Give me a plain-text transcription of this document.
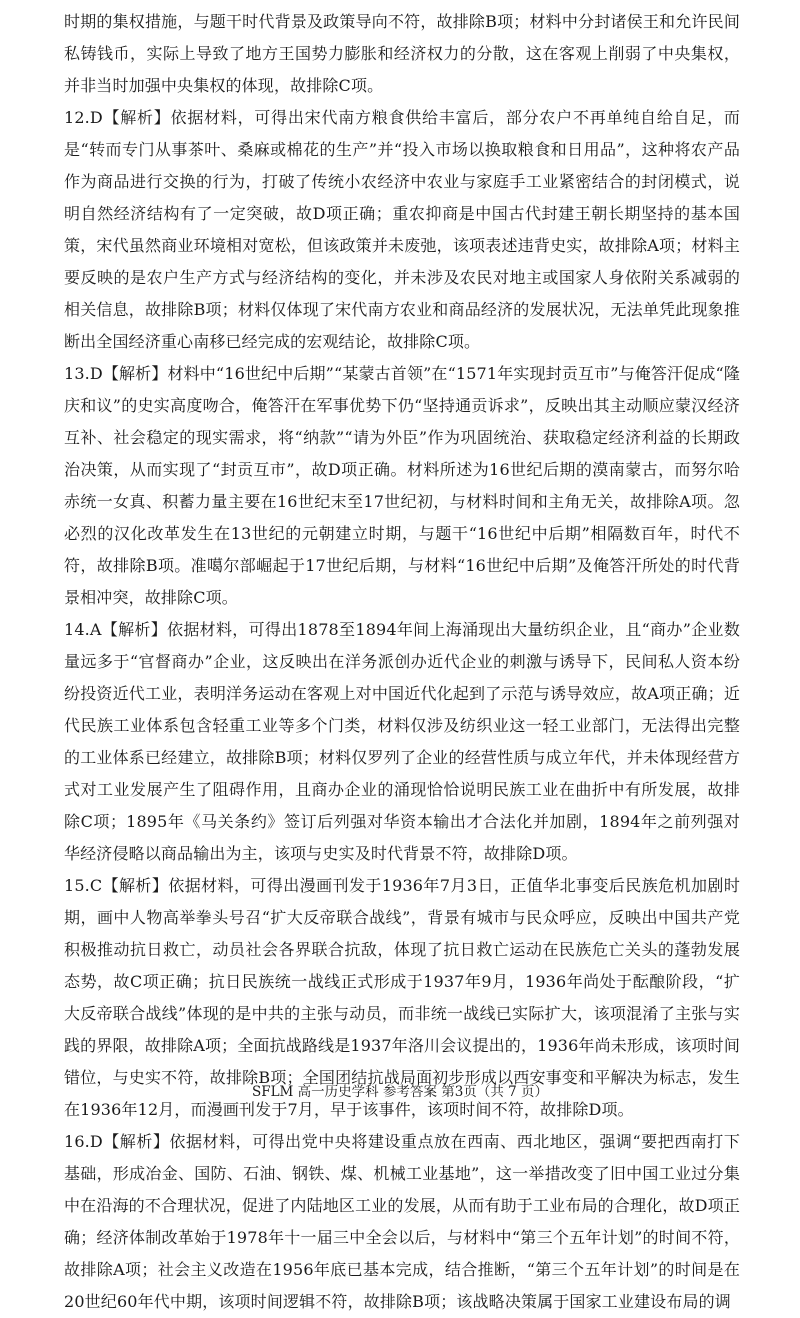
时期的集权措施，与题干时代背景及政策导向不符，故排除B项；材料中分封诸侯王和允许民间私铸钱币，实际上导致了地方王国势力膨胀和经济权力的分散，这在客观上削弱了中央集权，并非当时加强中央集权的体现，故排除C项。

12.D【解析】依据材料，可得出宋代南方粮食供给丰富后，部分农户不再单纯自给自足，而是“转而专门从事茶叶、桑麻或棉花的生产”并“投入市场以换取粮食和日用品”，这种将农产品作为商品进行交换的行为，打破了传统小农经济中农业与家庭手工业紧密结合的封闭模式，说明自然经济结构有了一定突破，故D项正确；重农抑商是中国古代封建王朝长期坚持的基本国策，宋代虽然商业环境相对宽松，但该政策并未废弛，该项表述违背史实，故排除A项；材料主要反映的是农户生产方式与经济结构的变化，并未涉及农民对地主或国家人身依附关系减弱的相关信息，故排除B项；材料仅体现了宋代南方农业和商品经济的发展状况，无法单凭此现象推断出全国经济重心南移已经完成的宏观结论，故排除C项。

13.D【解析】材料中“16世纪中后期”“某蒙古首领”在“1571年实现封贡互市”与俺答汗促成“隆庆和议”的史实高度吻合，俺答汗在军事优势下仍“坚持通贡诉求”，反映出其主动顺应蒙汉经济互补、社会稳定的现实需求，将“纳款”“请为外臣”作为巩固统治、获取稳定经济利益的长期政治决策，从而实现了“封贡互市”，故D项正确。材料所述为16世纪后期的漠南蒙古，而努尔哈赤统一女真、积蓄力量主要在16世纪末至17世纪初，与材料时间和主角无关，故排除A项。忽必烈的汉化改革发生在13世纪的元朝建立时期，与题干“16世纪中后期”相隔数百年，时代不符，故排除B项。准噶尔部崛起于17世纪后期，与材料“16世纪中后期”及俺答汗所处的时代背景相冲突，故排除C项。

14.A【解析】依据材料，可得出1878至1894年间上海涌现出大量纺织企业，且“商办”企业数量远多于“官督商办”企业，这反映出在洋务派创办近代企业的刺激与诱导下，民间私人资本纷纷投资近代工业，表明洋务运动在客观上对中国近代化起到了示范与诱导效应，故A项正确；近代民族工业体系包含轻重工业等多个门类，材料仅涉及纺织业这一轻工业部门，无法得出完整的工业体系已经建立，故排除B项；材料仅罗列了企业的经营性质与成立年代，并未体现经营方式对工业发展产生了阻碍作用，且商办企业的涌现恰恰说明民族工业在曲折中有所发展，故排除C项；1895年《马关条约》签订后列强对华资本输出才合法化并加剧，1894年之前列强对华经济侵略以商品输出为主，该项与史实及时代背景不符，故排除D项。

15.C【解析】依据材料，可得出漫画刊发于1936年7月3日，正值华北事变后民族危机加剧时期，画中人物高举拳头号召“扩大反帝联合战线”，背景有城市与民众呼应，反映出中国共产党积极推动抗日救亡，动员社会各界联合抗敌，体现了抗日救亡运动在民族危亡关头的蓬勃发展态势，故C项正确；抗日民族统一战线正式形成于1937年9月，1936年尚处于酝酿阶段，“扩大反帝联合战线”体现的是中共的主张与动员，而非统一战线已实际扩大，该项混淆了主张与实践的界限，故排除A项；全面抗战路线是1937年洛川会议提出的，1936年尚未形成，该项时间错位，与史实不符，故排除B项；全国团结抗战局面初步形成以西安事变和平解决为标志，发生在1936年12月，而漫画刊发于7月，早于该事件，该项时间不符，故排除D项。

16.D【解析】依据材料，可得出党中央将建设重点放在西南、西北地区，强调“要把西南打下基础，形成冶金、国防、石油、钢铁、煤、机械工业基地”，这一举措改变了旧中国工业过分集中在沿海的不合理状况，促进了内陆地区工业的发展，从而有助于工业布局的合理化，故D项正确；经济体制改革始于1978年十一届三中全会以后，与材料中“第三个五年计划”的时间不符，故排除A项；社会主义改造在1956年底已基本完成，结合推断，“第三个五年计划”的时间是在20世纪60年代中期，该项时间逻辑不符，故排除B项；该战略决策属于国家工业建设布局的调

SFLM 高一历史学科 参考答案 第3页（共 7 页）
